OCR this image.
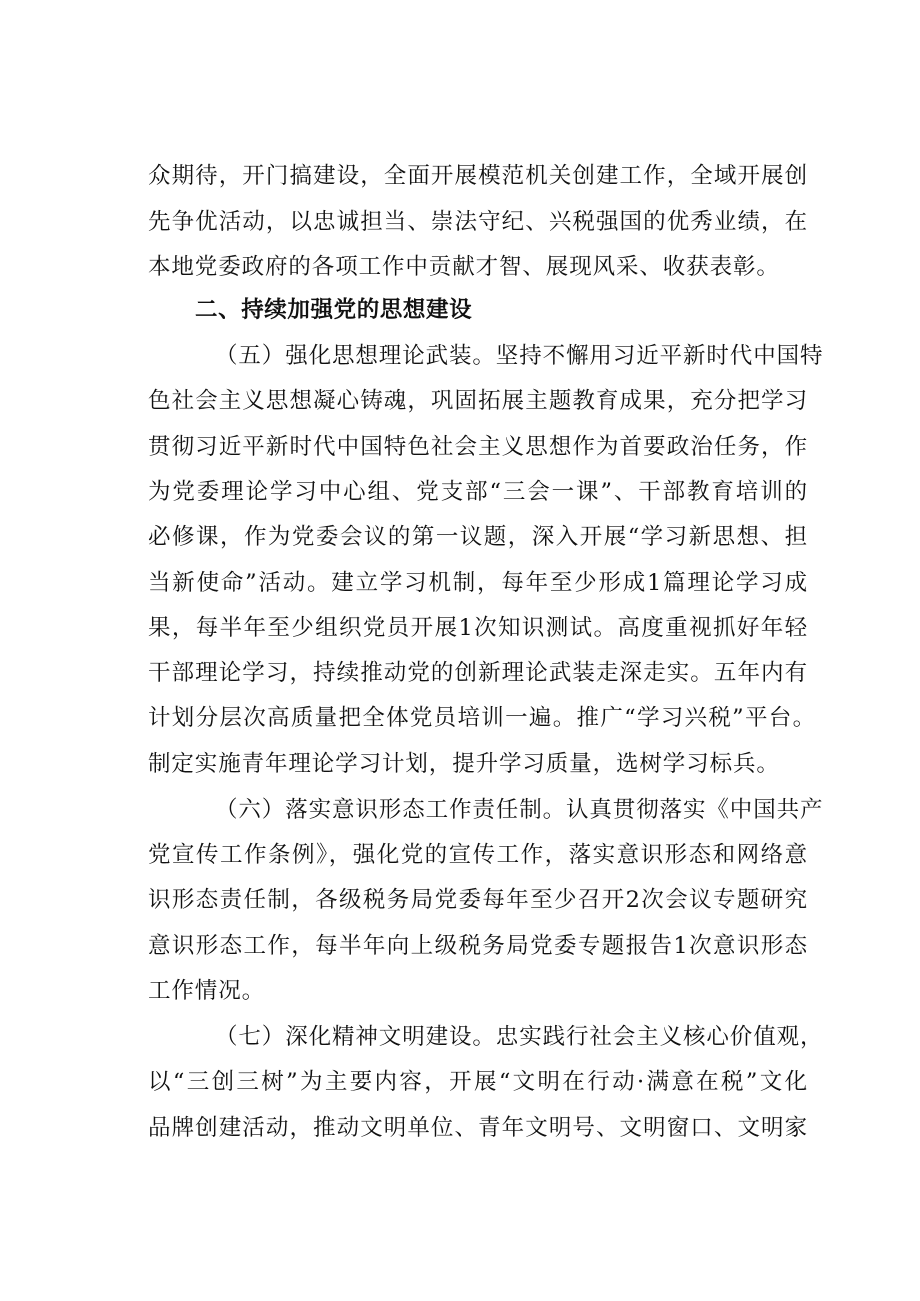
众期待，开门搞建设，全面开展模范机关创建工作，全域开展创
先争优活动，以忠诚担当、崇法守纪、兴税强国的优秀业绩，在
本地党委政府的各项工作中贡献才智、展现风采、收获表彰。
二、持续加强党的思想建设
（五）强化思想理论武装。坚持不懈用习近平新时代中国特
色社会主义思想凝心铸魂，巩固拓展主题教育成果，充分把学习
贯彻习近平新时代中国特色社会主义思想作为首要政治任务，作
为党委理论学习中心组、党支部“三会一课”、干部教育培训的
必修课，作为党委会议的第一议题，深入开展“学习新思想、担
当新使命”活动。建立学习机制，每年至少形成1篇理论学习成
果，每半年至少组织党员开展1次知识测试。高度重视抓好年轻
干部理论学习，持续推动党的创新理论武装走深走实。五年内有
计划分层次高质量把全体党员培训一遍。推广“学习兴税”平台。
制定实施青年理论学习计划，提升学习质量，选树学习标兵。
（六）落实意识形态工作责任制。认真贯彻落实《中国共产
党宣传工作条例》，强化党的宣传工作，落实意识形态和网络意
识形态责任制，各级税务局党委每年至少召开2次会议专题研究
意识形态工作，每半年向上级税务局党委专题报告1次意识形态
工作情况。
（七）深化精神文明建设。忠实践行社会主义核心价值观，
以“三创三树”为主要内容，开展“文明在行动·满意在税”文化
品牌创建活动，推动文明单位、青年文明号、文明窗口、文明家
